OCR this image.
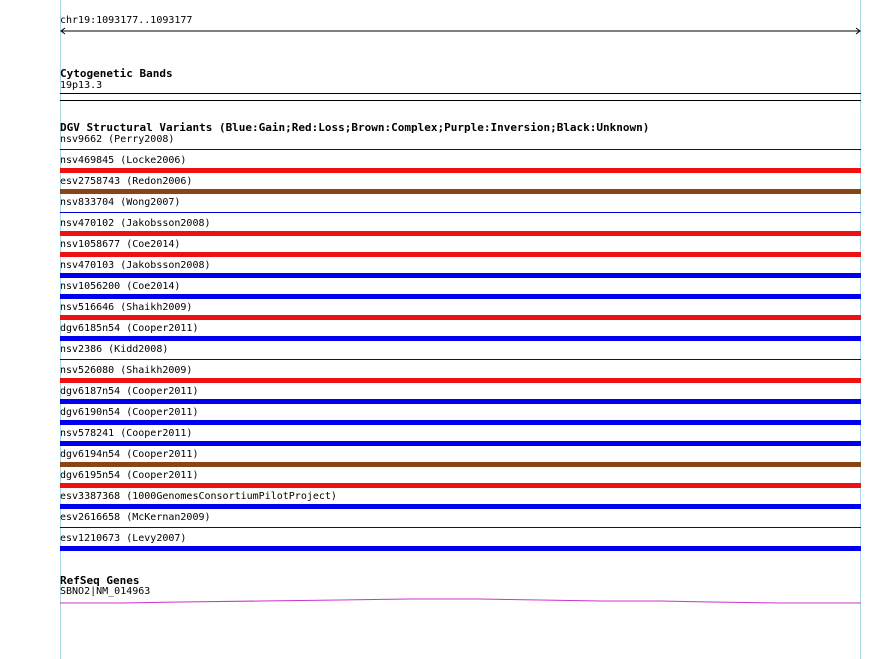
chr19:1093177..1093177
Cytogenetic Bands
19p13.3
DGV Structural Variants (Blue:Gain;Red:Loss;Brown:Complex;Purple:Inversion;Black:Unknown)
nsv9662 (Perry2008)
nsv469845 (Locke2006)
esv2758743 (Redon2006)
nsv833704 (Wong2007)
nsv470102 (Jakobsson2008)
nsv1058677 (Coe2014)
nsv470103 (Jakobsson2008)
nsv1056200 (Coe2014)
nsv516646 (Shaikh2009)
dgv6185n54 (Cooper2011)
nsv2386 (Kidd2008)
nsv526080 (Shaikh2009)
dgv6187n54 (Cooper2011)
dgv6190n54 (Cooper2011)
nsv578241 (Cooper2011)
dgv6194n54 (Cooper2011)
dgv6195n54 (Cooper2011)
esv3387368 (1000GenomesConsortiumPilotProject)
esv2616658 (McKernan2009)
esv1210673 (Levy2007)
RefSeq Genes
SBNO2|NM_014963
